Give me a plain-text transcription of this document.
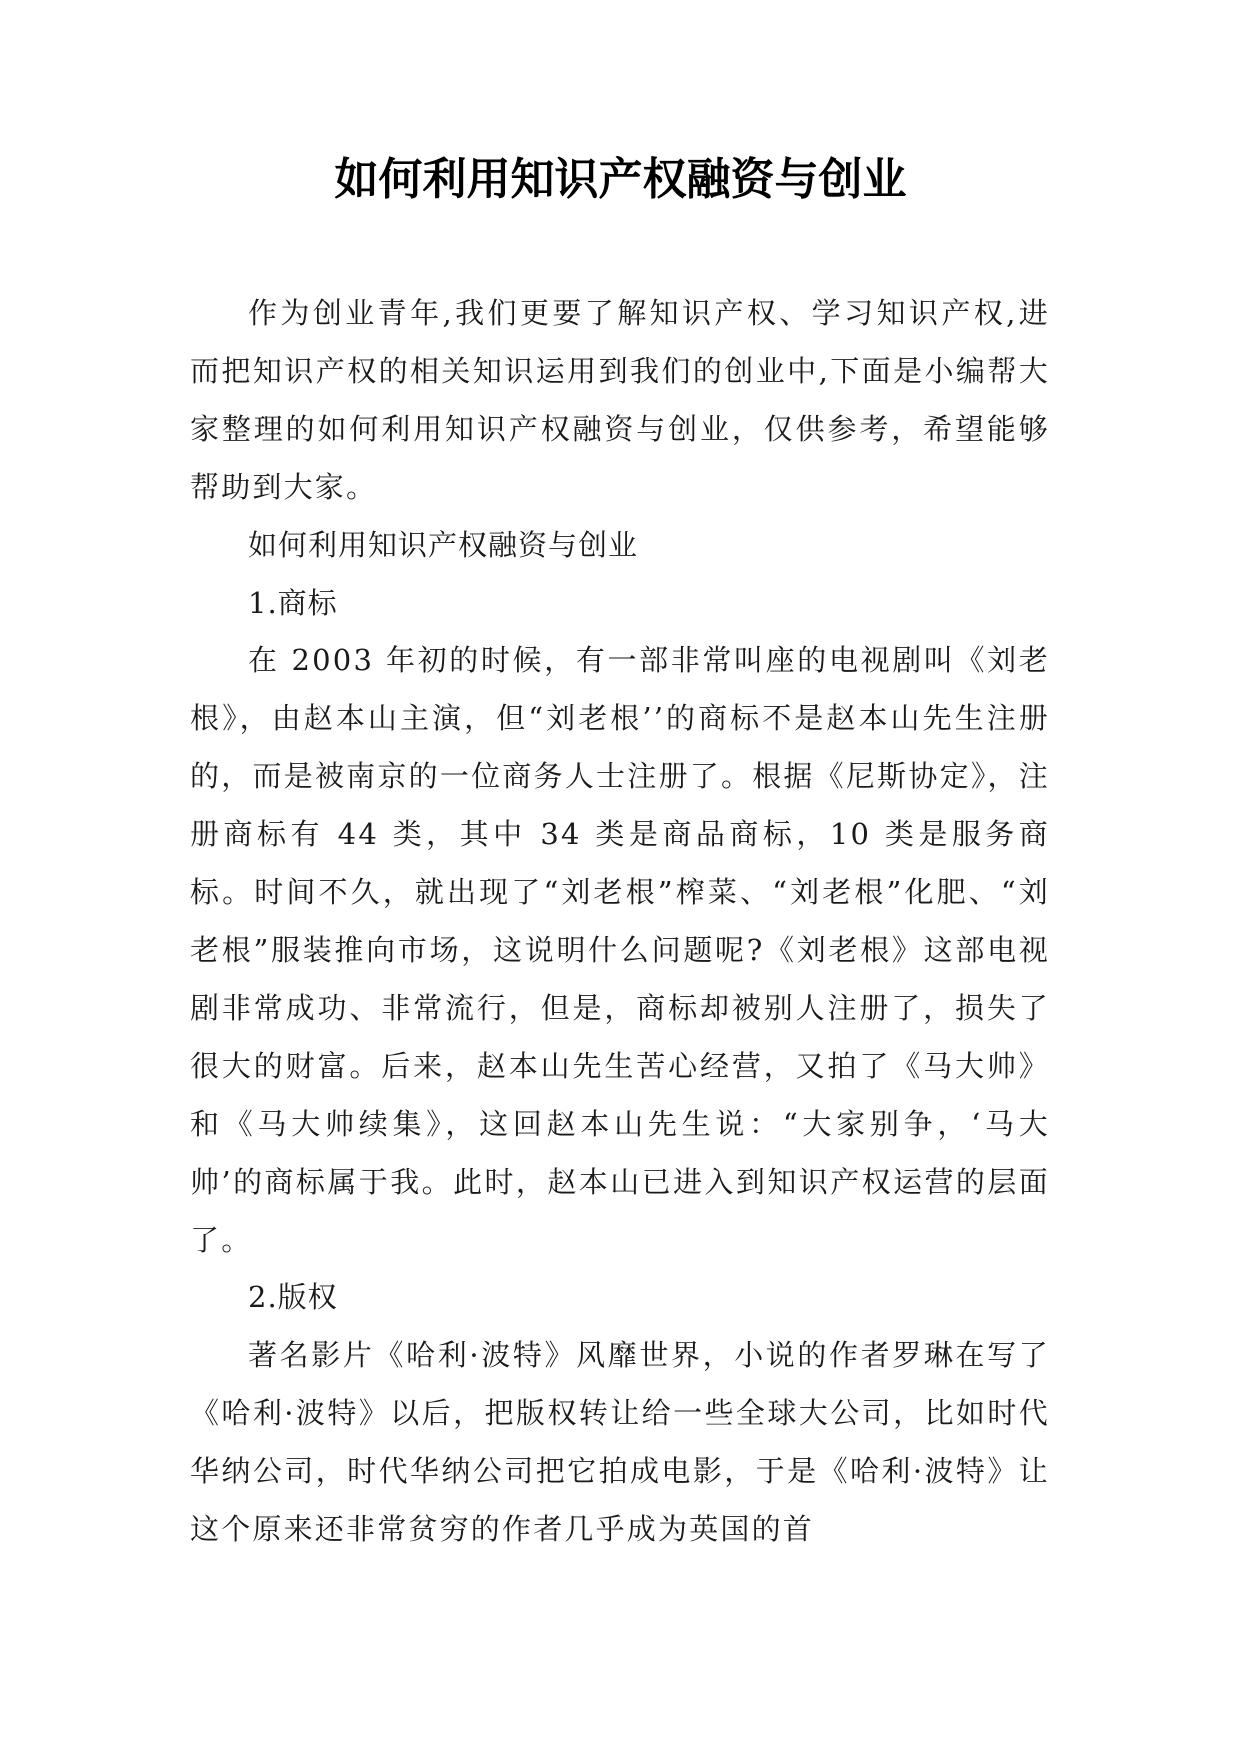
如何利用知识产权融资与创业

作为创业青年,我们更要了解知识产权、学习知识产权,进而把知识产权的相关知识运用到我们的创业中,下面是小编帮大家整理的如何利用知识产权融资与创业，仅供参考，希望能够帮助到大家。

如何利用知识产权融资与创业

1.商标

在 2003 年初的时候，有一部非常叫座的电视剧叫《刘老根》，由赵本山主演，但“刘老根’’的商标不是赵本山先生注册的，而是被南京的一位商务人士注册了。根据《尼斯协定》，注册商标有 44 类，其中 34 类是商品商标，10 类是服务商标。时间不久，就出现了“刘老根”榨菜、“刘老根”化肥、“刘老根”服装推向市场，这说明什么问题呢?《刘老根》这部电视剧非常成功、非常流行，但是，商标却被别人注册了，损失了很大的财富。后来，赵本山先生苦心经营，又拍了《马大帅》和《马大帅续集》，这回赵本山先生说：“大家别争，‘马大帅’的商标属于我。此时，赵本山已进入到知识产权运营的层面了。

2.版权

著名影片《哈利·波特》风靡世界，小说的作者罗琳在写了《哈利·波特》以后，把版权转让给一些全球大公司，比如时代华纳公司，时代华纳公司把它拍成电影，于是《哈利·波特》让这个原来还非常贫穷的作者几乎成为英国的首
